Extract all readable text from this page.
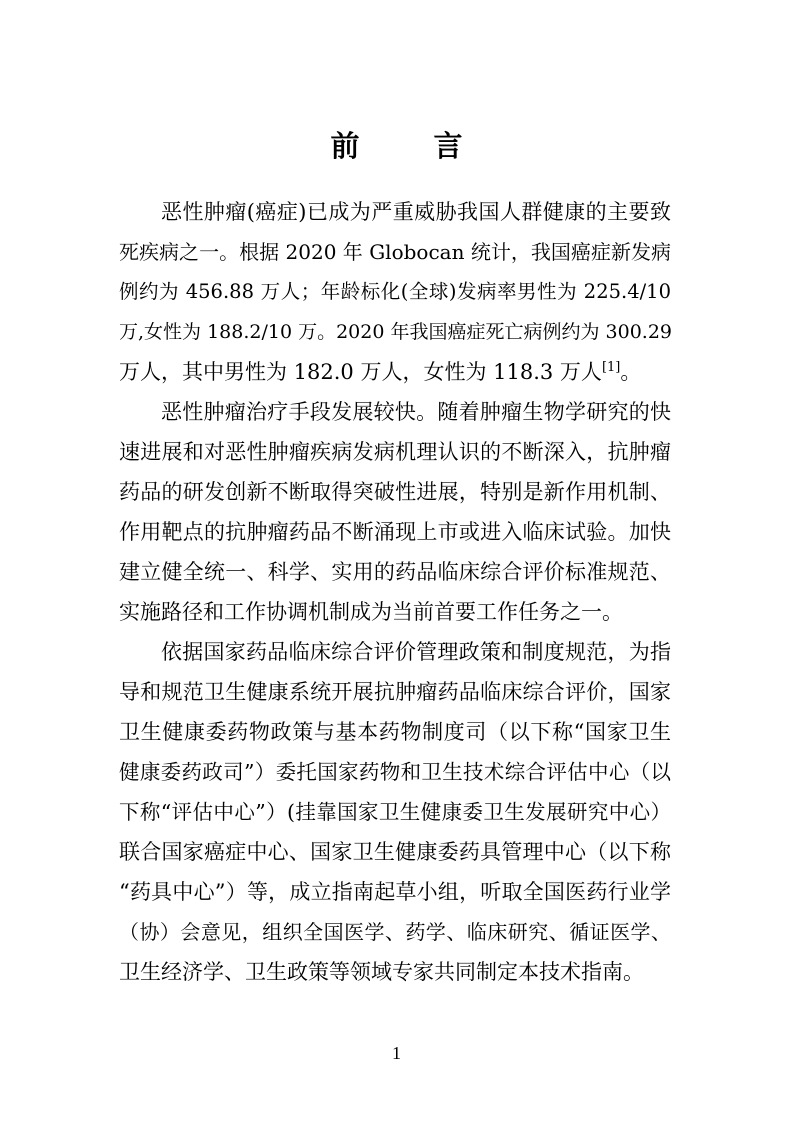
前 言
恶性肿瘤(癌症)已成为严重威胁我国人群健康的主要致
死疾病之一。根据 2020 年 Globocan 统计，我国癌症新发病
例约为 456.88 万人；年龄标化(全球)发病率男性为 225.4/10
万,女性为 188.2/10 万。2020 年我国癌症死亡病例约为 300.29
万人，其中男性为 182.0 万人，女性为 118.3 万人[1]。
恶性肿瘤治疗手段发展较快。随着肿瘤生物学研究的快
速进展和对恶性肿瘤疾病发病机理认识的不断深入，抗肿瘤
药品的研发创新不断取得突破性进展，特别是新作用机制、
作用靶点的抗肿瘤药品不断涌现上市或进入临床试验。加快
建立健全统一、科学、实用的药品临床综合评价标准规范、
实施路径和工作协调机制成为当前首要工作任务之一。
依据国家药品临床综合评价管理政策和制度规范，为指
导和规范卫生健康系统开展抗肿瘤药品临床综合评价，国家
卫生健康委药物政策与基本药物制度司（以下称“国家卫生
健康委药政司”）委托国家药物和卫生技术综合评估中心（以
下称“评估中心”）(挂靠国家卫生健康委卫生发展研究中心）
联合国家癌症中心、国家卫生健康委药具管理中心（以下称
“药具中心”）等，成立指南起草小组，听取全国医药行业学
（协）会意见，组织全国医学、药学、临床研究、循证医学、
卫生经济学、卫生政策等领域专家共同制定本技术指南。
1
